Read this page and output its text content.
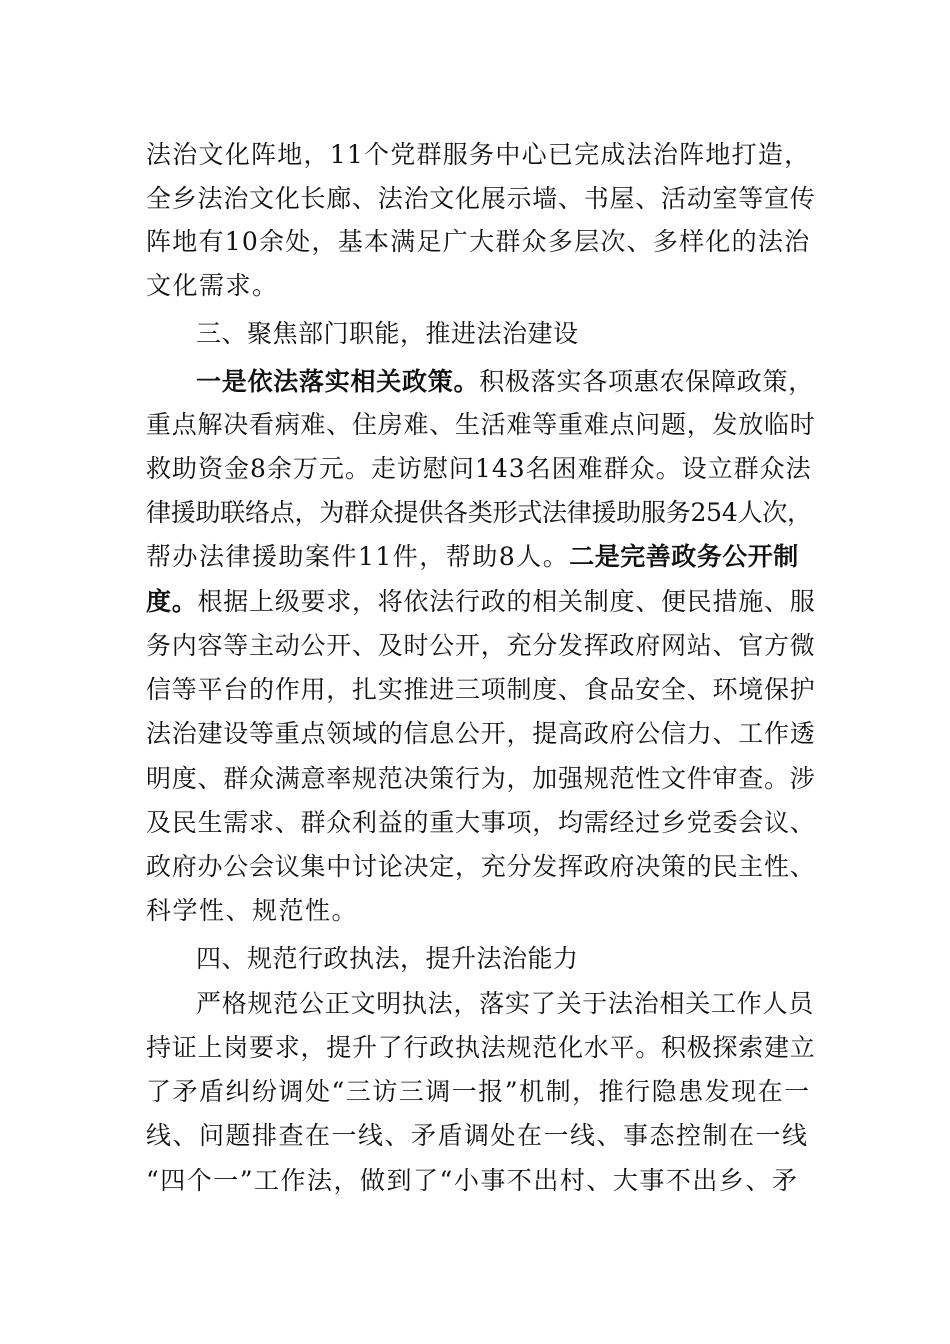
法治文化阵地，11个党群服务中心已完成法治阵地打造，
全乡法治文化长廊、法治文化展示墙、书屋、活动室等宣传
阵地有10余处，基本满足广大群众多层次、多样化的法治
文化需求。
三、聚焦部门职能，推进法治建设
一是依法落实相关政策。积极落实各项惠农保障政策，
重点解决看病难、住房难、生活难等重难点问题，发放临时
救助资金8余万元。走访慰问143名困难群众。设立群众法
律援助联络点，为群众提供各类形式法律援助服务254人次，
帮办法律援助案件11件，帮助8人。二是完善政务公开制
度。根据上级要求，将依法行政的相关制度、便民措施、服
务内容等主动公开、及时公开，充分发挥政府网站、官方微
信等平台的作用，扎实推进三项制度、食品安全、环境保护
法治建设等重点领域的信息公开，提高政府公信力、工作透
明度、群众满意率规范决策行为，加强规范性文件审查。涉
及民生需求、群众利益的重大事项，均需经过乡党委会议、
政府办公会议集中讨论决定，充分发挥政府决策的民主性、
科学性、规范性。
四、规范行政执法，提升法治能力
严格规范公正文明执法，落实了关于法治相关工作人员
持证上岗要求，提升了行政执法规范化水平。积极探索建立
了矛盾纠纷调处“三访三调一报”机制，推行隐患发现在一
线、问题排查在一线、矛盾调处在一线、事态控制在一线
“四个一”工作法，做到了“小事不出村、大事不出乡、矛
